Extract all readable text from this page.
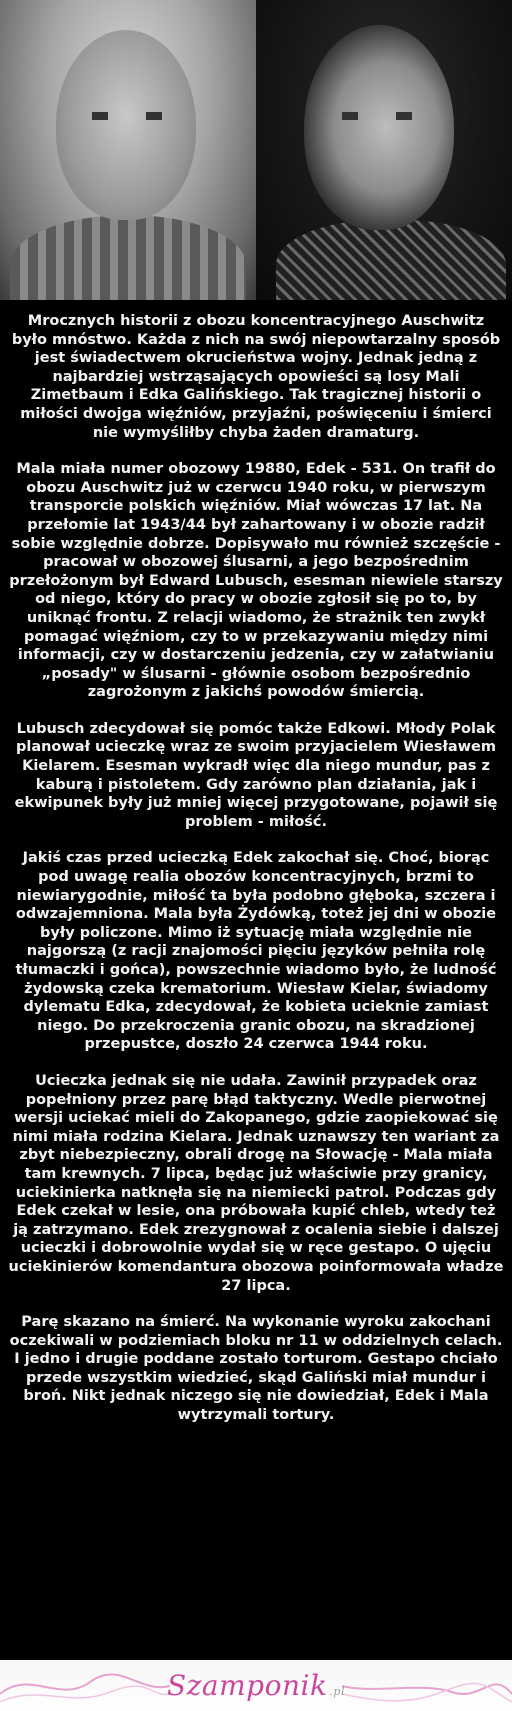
Mrocznych historii z obozu koncentracyjnego Auschwitz było mnóstwo. Każda z nich na swój niepowtarzalny sposób jest świadectwem okrucieństwa wojny. Jednak jedną z najbardziej wstrząsających opowieści są losy Mali Zimetbaum i Edka Galińskiego. Tak tragicznej historii o miłości dwojga więźniów, przyjaźni, poświęceniu i śmierci nie wymyśliłby chyba żaden dramaturg.

Mala miała numer obozowy 19880, Edek - 531. On trafił do obozu Auschwitz już w czerwcu 1940 roku, w pierwszym transporcie polskich więźniów. Miał wówczas 17 lat. Na przełomie lat 1943/44 był zahartowany i w obozie radził sobie względnie dobrze. Dopisywało mu również szczęście - pracował w obozowej ślusarni, a jego bezpośrednim przełożonym był Edward Lubusch, esesman niewiele starszy od niego, który do pracy w obozie zgłosił się po to, by uniknąć frontu. Z relacji wiadomo, że strażnik ten zwykł pomagać więźniom, czy to w przekazywaniu między nimi informacji, czy w dostarczeniu jedzenia, czy w załatwianiu „posady" w ślusarni - głównie osobom bezpośrednio zagrożonym z jakichś powodów śmiercią.

Lubusch zdecydował się pomóc także Edkowi. Młody Polak planował ucieczkę wraz ze swoim przyjacielem Wiesławem Kielarem. Esesman wykradł więc dla niego mundur, pas z kaburą i pistoletem. Gdy zarówno plan działania, jak i ekwipunek były już mniej więcej przygotowane, pojawił się problem - miłość.

Jakiś czas przed ucieczką Edek zakochał się. Choć, biorąc pod uwagę realia obozów koncentracyjnych, brzmi to niewiarygodnie, miłość ta była podobno głęboka, szczera i odwzajemniona. Mala była Żydówką, toteż jej dni w obozie były policzone. Mimo iż sytuację miała względnie nie najgorszą (z racji znajomości pięciu języków pełniła rolę tłumaczki i gońca), powszechnie wiadomo było, że ludność żydowską czeka krematorium. Wiesław Kielar, świadomy dylematu Edka, zdecydował, że kobieta ucieknie zamiast niego. Do przekroczenia granic obozu, na skradzionej przepustce, doszło 24 czerwca 1944 roku.

Ucieczka jednak się nie udała. Zawinił przypadek oraz popełniony przez parę błąd taktyczny. Wedle pierwotnej wersji uciekać mieli do Zakopanego, gdzie zaopiekować się nimi miała rodzina Kielara. Jednak uznawszy ten wariant za zbyt niebezpieczny, obrali drogę na Słowację - Mala miała tam krewnych. 7 lipca, będąc już właściwie przy granicy, uciekinierka natknęła się na niemiecki patrol. Podczas gdy Edek czekał w lesie, ona próbowała kupić chleb, wtedy też ją zatrzymano. Edek zrezygnował z ocalenia siebie i dalszej ucieczki i dobrowolnie wydał się w ręce gestapo. O ujęciu uciekinierów komendantura obozowa poinformowała władze 27 lipca.

Parę skazano na śmierć. Na wykonanie wyroku zakochani oczekiwali w podziemiach bloku nr 11 w oddzielnych celach. I jedno i drugie poddane zostało torturom. Gestapo chciało przede wszystkim wiedzieć, skąd Galiński miał mundur i broń. Nikt jednak niczego się nie dowiedział, Edek i Mala wytrzymali tortury.

Szamponik .pl
